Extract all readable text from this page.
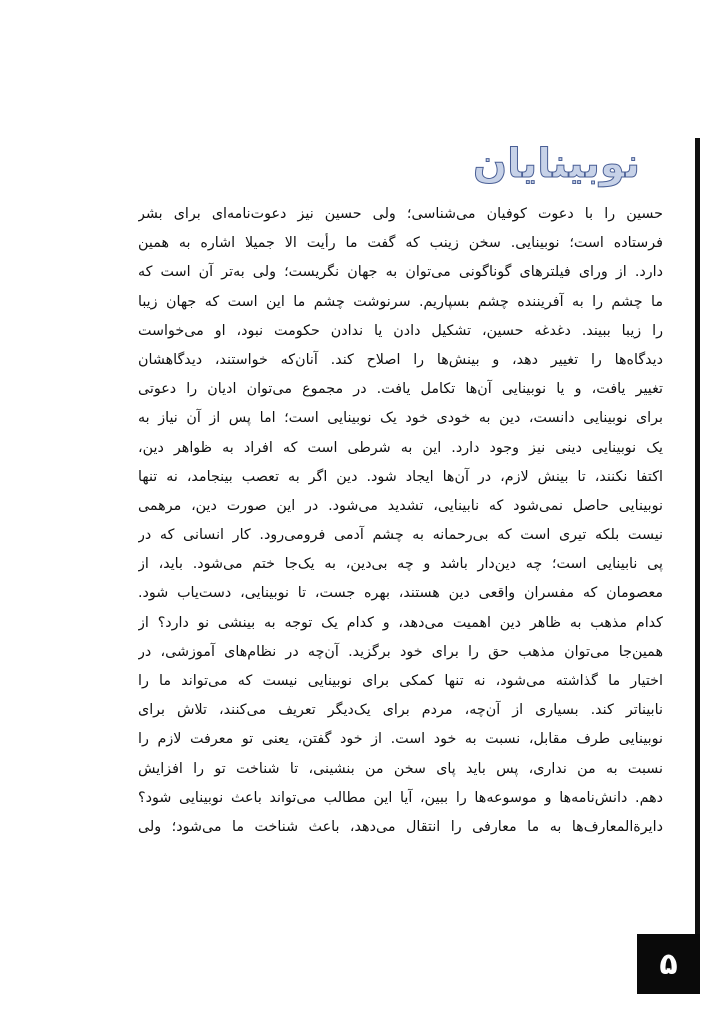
نوبینایان
حسین را با دعوت کوفیان می‌شناسی؛ ولی حسین نیز دعوت‌نامه‌ای برای بشر
فرستاده است؛ نوبینایی. سخن زینب که گفت ما رأیت الا جمیلا اشاره به همین
دارد. از ورای فیلترهای گوناگونی می‌توان به جهان نگریست؛ ولی به‌تر آن است که
ما چشم را به آفریننده چشم بسپاریم. سرنوشت چشم ما این است که جهان زیبا
را زیبا ببیند. دغدغه حسین، تشکیل دادن یا ندادن حکومت نبود، او می‌خواست
دیدگاه‌ها را تغییر دهد، و بینش‌ها را اصلاح کند. آنان‌که خواستند، دیدگاهشان
تغییر یافت، و یا نوبینایی آن‌ها تکامل یافت. در مجموع می‌توان ادیان را دعوتی
برای نوبینایی دانست، دین به خودی خود یک نوبینایی است؛ اما پس از آن نیاز به
یک نوبینایی دینی نیز وجود دارد. این به شرطی است که افراد به ظواهر دین،
اکتفا نکنند، تا بینش لازم، در آن‌ها ایجاد شود. دین اگر به تعصب بینجامد، نه تنها
نوبینایی حاصل نمی‌شود که نابینایی، تشدید می‌شود. در این صورت دین، مرهمی
نیست بلکه تیری است که بی‌رحمانه به چشم آدمی فرومی‌رود. کار انسانی که در
پی نابینایی است؛ چه دین‌دار باشد و چه بی‌دین، به یک‌جا ختم می‌شود. باید، از
معصومان که مفسران واقعی دین هستند، بهره جست، تا نوبینایی، دست‌یاب شود.
کدام مذهب به ظاهر دین اهمیت می‌دهد، و کدام یک توجه به بینشی نو دارد؟ از
همین‌جا می‌توان مذهب حق را برای خود برگزید. آن‌چه در نظام‌های آموزشی، در
اختیار ما گذاشته می‌شود، نه تنها کمکی برای نوبینایی نیست که می‌تواند ما را
نابیناتر کند. بسیاری از آن‌چه، مردم برای یک‌دیگر تعریف می‌کنند، تلاش برای
نوبینایی طرف مقابل، نسبت به خود است. از خود گفتن، یعنی تو معرفت لازم را
نسبت به من نداری، پس باید پای سخن من بنشینی، تا شناخت تو را افزایش
دهم. دانش‌نامه‌ها و موسوعه‌ها را ببین، آیا این مطالب می‌تواند باعث نوبینایی شود؟
دایرة‌المعارف‌ها به ما معارفی را انتقال می‌دهد، باعث شناخت ما می‌شود؛ ولی
۵
